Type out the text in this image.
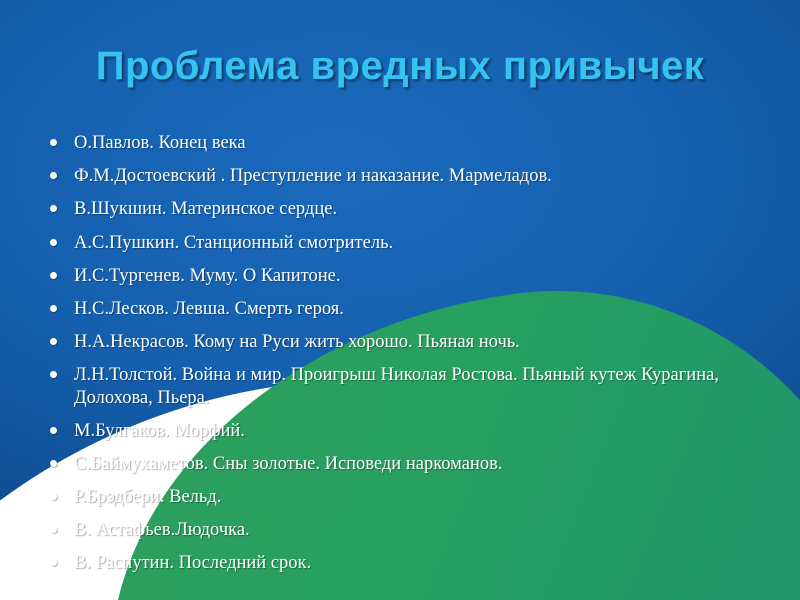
Проблема вредных привычек
О.Павлов. Конец века
Ф.М.Достоевский . Преступление и наказание. Мармеладов.
В.Шукшин. Материнское сердце.
А.С.Пушкин. Станционный смотритель.
И.С.Тургенев. Муму. О Капитоне.
Н.С.Лесков. Левша. Смерть героя.
Н.А.Некрасов. Кому на Руси жить хорошо. Пьяная ночь.
Л.Н.Толстой. Война и мир. Проигрыш Николая Ростова. Пьяный кутеж Курагина, Долохова, Пьера.
М.Булгаков. Морфий.
С.Баймухаметов. Сны золотые. Исповеди наркоманов.
Р.Брэдбери. Вельд.
В. Астафьев.Людочка.
В. Распутин. Последний срок.
